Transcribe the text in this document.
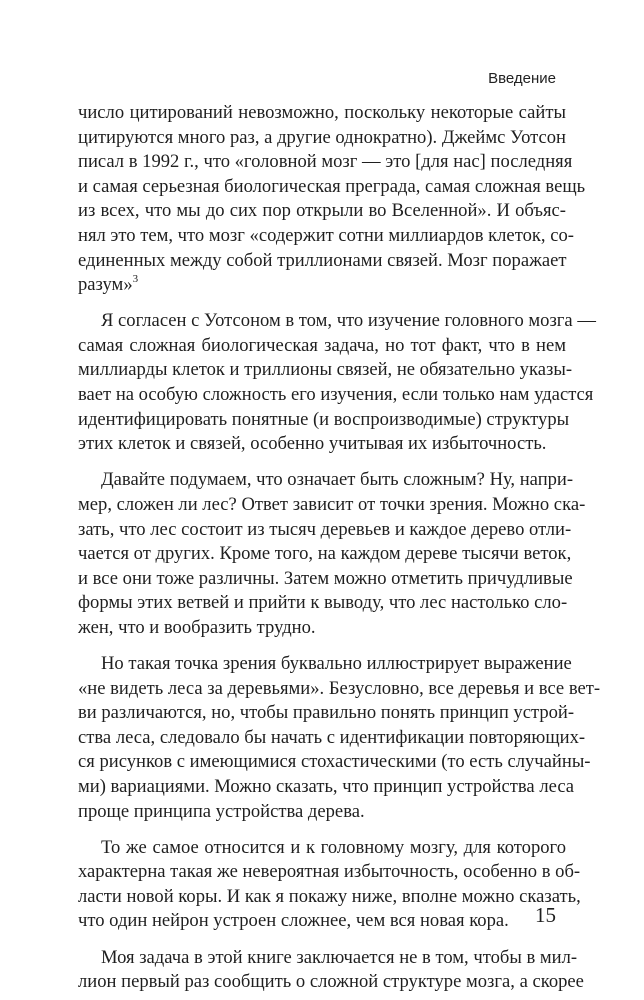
Введение
число цитирований невозможно, поскольку некоторые сайты
цитируются много раз, а другие однократно). Джеймс Уотсон
писал в 1992 г., что «головной мозг — это [для нас] последняя
и самая серьезная биологическая преграда, самая сложная вещь
из всех, что мы до сих пор открыли во Вселенной». И объяс-
нял это тем, что мозг «содержит сотни миллиардов клеток, со-
единенных между собой триллионами связей. Мозг поражает
разум»$^3$
Я согласен с Уотсоном в том, что изучение головного мозга —
самая сложная биологическая задача, но тот факт, что в нем
миллиарды клеток и триллионы связей, не обязательно указы-
вает на особую сложность его изучения, если только нам удастся
идентифицировать понятные (и воспроизводимые) структуры
этих клеток и связей, особенно учитывая их избыточность.
Давайте подумаем, что означает быть сложным? Ну, напри-
мер, сложен ли лес? Ответ зависит от точки зрения. Можно ска-
зать, что лес состоит из тысяч деревьев и каждое дерево отли-
чается от других. Кроме того, на каждом дереве тысячи веток,
и все они тоже различны. Затем можно отметить причудливые
формы этих ветвей и прийти к выводу, что лес настолько сло-
жен, что и вообразить трудно.
Но такая точка зрения буквально иллюстрирует выражение
«не видеть леса за деревьями». Безусловно, все деревья и все вет-
ви различаются, но, чтобы правильно понять принцип устрой-
ства леса, следовало бы начать с идентификации повторяющих-
ся рисунков с имеющимися стохастическими (то есть случайны-
ми) вариациями. Можно сказать, что принцип устройства леса
проще принципа устройства дерева.
То же самое относится и к головному мозгу, для которого
характерна такая же невероятная избыточность, особенно в об-
ласти новой коры. И как я покажу ниже, вполне можно сказать,
что один нейрон устроен сложнее, чем вся новая кора.
Моя задача в этой книге заключается не в том, чтобы в мил-
лион первый раз сообщить о сложной структуре мозга, а скорее
15
